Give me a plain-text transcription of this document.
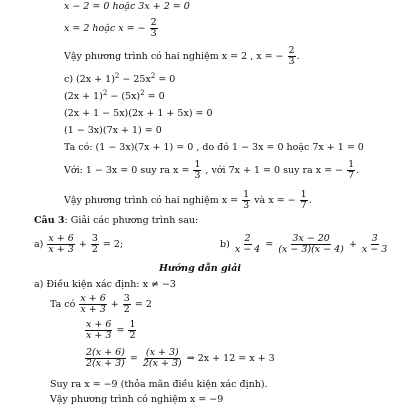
x − 2 = 0 hoặc 3x + 2 = 0
x = 2 hoặc x = − $\frac{2}{3}$
Vậy phương trình có hai nghiệm x = 2 , x = − $\frac{2}{3}$ .
c) $(2x + 1)^2 - 25x^2 = 0$
$(2x + 1)^2 - (5x)^2 = 0$
(2x + 1 − 5x)(2x + 1 + 5x) = 0
(1 − 3x)(7x + 1) = 0
Ta có: (1 − 3x)(7x + 1) = 0 , do đó 1 − 3x = 0 hoặc 7x + 1 = 0
Với: 1 − 3x = 0 suy ra $x = \frac{1}{3}$ , với 7x + 1 = 0 suy ra x = − $\frac{1}{7}$ .
Vậy phương trình có hai nghiệm $x = \frac{1}{3}$ và x = − $\frac{1}{7}$ .
Câu 3: Giải các phương trình sau:
$a) \frac{x + 6}{x + 3} + \frac{3}{2} = 2$;	$b) \frac{2}{x - 4} = \frac{3x - 20}{(x - 3)(x - 4)} + \frac{3}{x - 3}$
Hướng dẫn giải
a) Điều kiện xác định: x ≠ −3
Ta có $\frac{x + 6}{x + 3} + \frac{3}{2} = 2$
$\frac{x + 6}{x + 3} = \frac{1}{2}$
$\frac{2(x + 6)}{2(x + 3)} = \frac{(x + 3)}{2(x + 3)}$ ⇒ 2x + 12 = x + 3
Suy ra x = −9 (thỏa mãn điều kiện xác định).
Vậy phương trình có nghiệm x = −9
